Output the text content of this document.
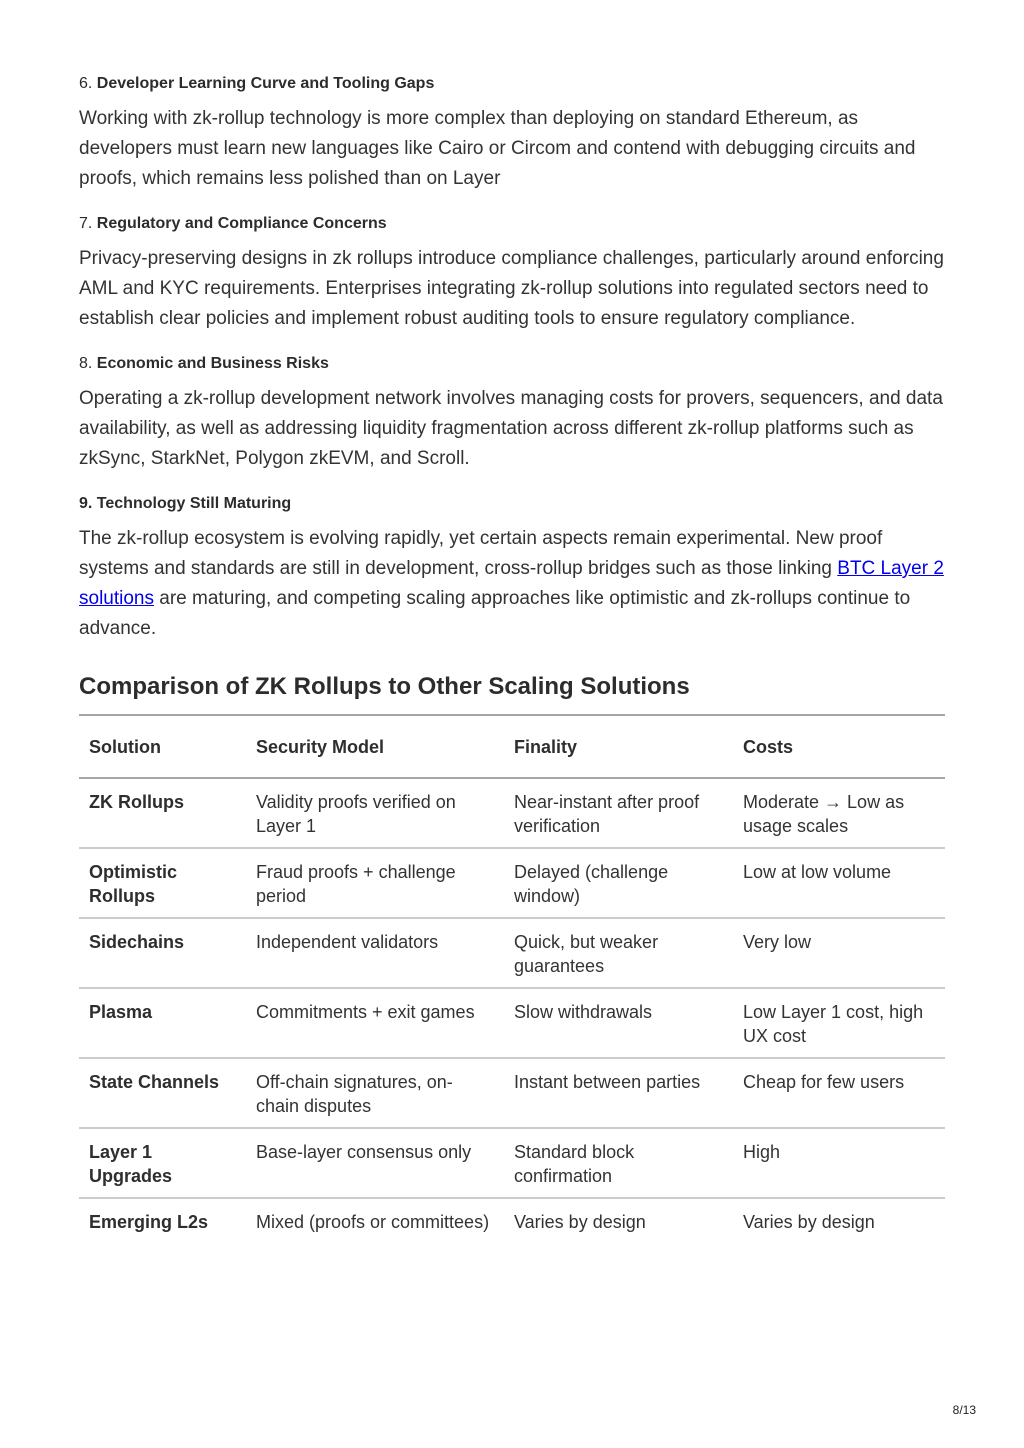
6. Developer Learning Curve and Tooling Gaps

Working with zk-rollup technology is more complex than deploying on standard Ethereum, as developers must learn new languages like Cairo or Circom and contend with debugging circuits and proofs, which remains less polished than on Layer

7. Regulatory and Compliance Concerns

Privacy-preserving designs in zk rollups introduce compliance challenges, particularly around enforcing AML and KYC requirements. Enterprises integrating zk-rollup solutions into regulated sectors need to establish clear policies and implement robust auditing tools to ensure regulatory compliance.

8. Economic and Business Risks

Operating a zk-rollup development network involves managing costs for provers, sequencers, and data availability, as well as addressing liquidity fragmentation across different zk-rollup platforms such as zkSync, StarkNet, Polygon zkEVM, and Scroll.

9. Technology Still Maturing

The zk-rollup ecosystem is evolving rapidly, yet certain aspects remain experimental. New proof systems and standards are still in development, cross-rollup bridges such as those linking BTC Layer 2 solutions are maturing, and competing scaling approaches like optimistic and zk-rollups continue to advance.

Comparison of ZK Rollups to Other Scaling Solutions
Solution	Security Model	Finality	Costs
ZK Rollups	Validity proofs verified on Layer 1	Near-instant after proof verification	Moderate → Low as usage scales
Optimistic Rollups	Fraud proofs + challenge period	Delayed (challenge window)	Low at low volume
Sidechains	Independent validators	Quick, but weaker guarantees	Very low
Plasma	Commitments + exit games	Slow withdrawals	Low Layer 1 cost, high UX cost
State Channels	Off-chain signatures, on-chain disputes	Instant between parties	Cheap for few users
Layer 1 Upgrades	Base-layer consensus only	Standard block confirmation	High
Emerging L2s	Mixed (proofs or committees)	Varies by design	Varies by design
8/13
